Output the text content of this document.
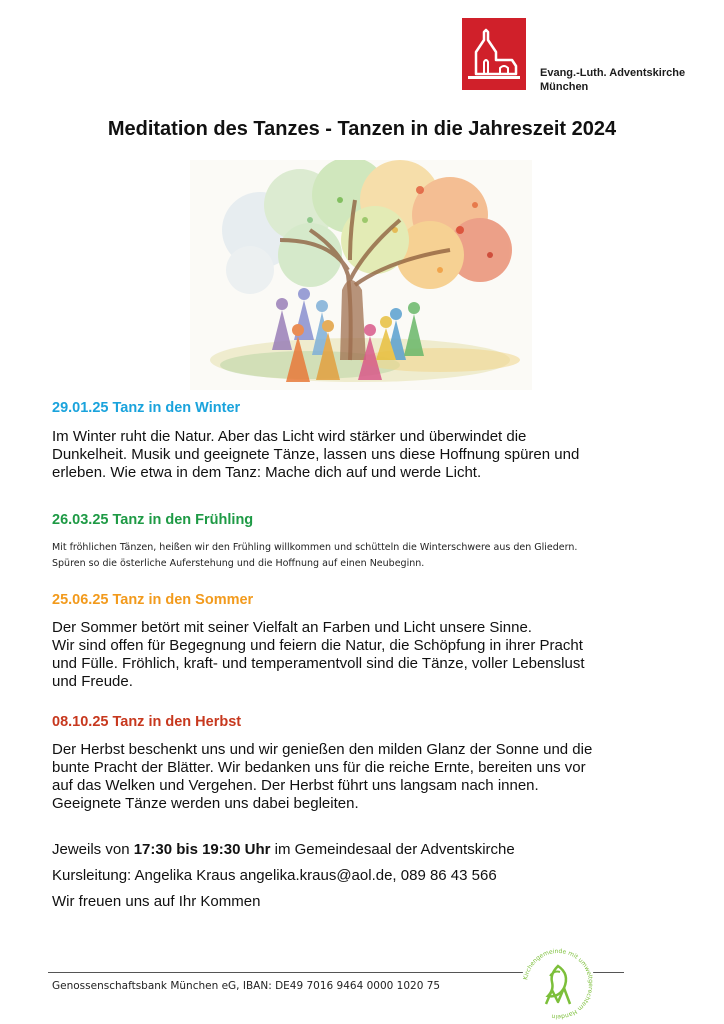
Evang.-Luth. Adventskirche
München
Meditation des Tanzes - Tanzen in die Jahreszeit 2024
29.01.25 Tanz in den Winter
Im Winter ruht die Natur. Aber das Licht wird stärker und überwindet die
Dunkelheit. Musik und geeignete Tänze, lassen uns diese Hoffnung spüren und
erleben. Wie etwa in dem Tanz: Mache dich auf und werde Licht.
26.03.25 Tanz in den Frühling
Mit fröhlichen Tänzen, heißen wir den Frühling willkommen und schütteln die Winterschwere aus den Gliedern.
Spüren so die österliche Auferstehung und die Hoffnung auf einen Neubeginn.
25.06.25 Tanz in den Sommer
Der Sommer betört mit seiner Vielfalt an Farben und Licht unsere Sinne.
Wir sind offen für Begegnung und feiern die Natur, die Schöpfung in ihrer Pracht
und Fülle. Fröhlich, kraft- und temperamentvoll sind die Tänze, voller Lebenslust
und Freude.
08.10.25 Tanz in den Herbst
Der Herbst beschenkt uns und wir genießen den milden Glanz der Sonne und die
bunte Pracht der Blätter. Wir bedanken uns für die reiche Ernte, bereiten uns vor
auf das Welken und Vergehen. Der Herbst führt uns langsam nach innen.
Geeignete Tänze werden uns dabei begleiten.
Jeweils von 17:30 bis 19:30 Uhr im Gemeindesaal der Adventskirche
Kursleitung: Angelika Kraus angelika.kraus@aol.de, 089 86 43 566
Wir freuen uns auf Ihr Kommen
Genossenschaftsbank München eG, IBAN: DE49 7016 9464 0000 1020 75
Kirchengemeinde mit umweltgerechtem Handeln
